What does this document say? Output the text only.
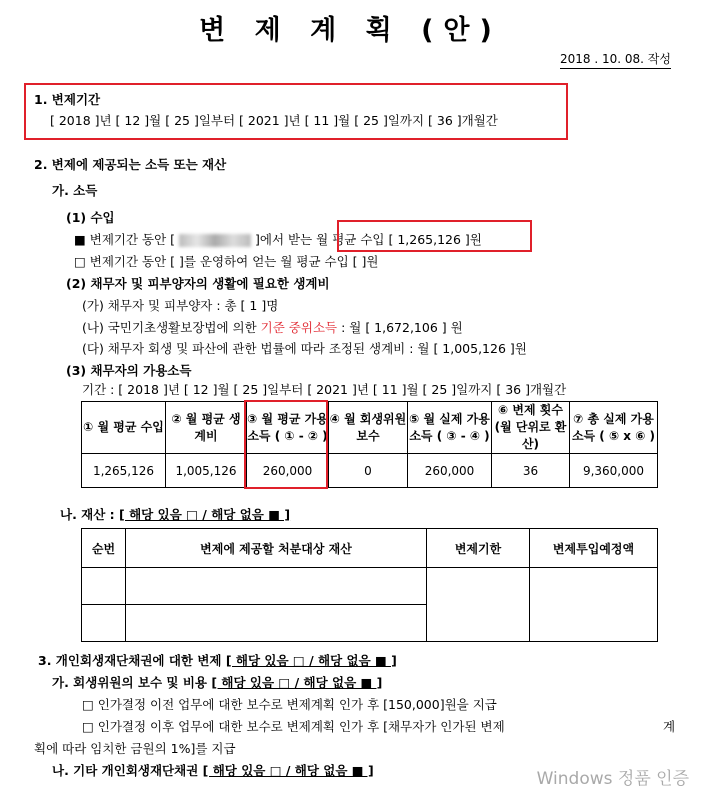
변 제 계 획 (안)
2018 . 10. 08. 작성
1. 변제기간
[ 2018 ]년 [ 12 ]월 [ 25 ]일부터 [ 2021 ]년 [ 11 ]월 [ 25 ]일까지 [ 36 ]개월간
2. 변제에 제공되는 소득 또는 재산
가. 소득
(1) 수입
■ 변제기간 동안 [	]에서 받는 월 평균 수입 [ 1,265,126 ]원
□ 변제기간 동안 [ ]를 운영하여 얻는 월 평균 수입 [ ]원
(2) 채무자 및 피부양자의 생활에 필요한 생계비
(가) 채무자 및 피부양자 : 총 [ 1 ]명
(나) 국민기초생활보장법에 의한 기준 중위소득 : 월 [ 1,672,106 ] 원
(다) 채무자 회생 및 파산에 관한 법률에 따라 조정된 생계비 : 월 [ 1,005,126 ]원
(3) 채무자의 가용소득
기간 : [ 2018 ]년 [ 12 ]월 [ 25 ]일부터 [ 2021 ]년 [ 11 ]월 [ 25 ]일까지 [ 36 ]개월간
① 월 평균 수입	② 월 평균 생계비	③ 월 평균 가용소득 ( ① - ② )	④ 월 회생위원 보수	⑤ 월 실제 가용소득 ( ③ - ④ )	⑥ 변제 횟수 (월 단위로 환산)	⑦ 총 실제 가용소득 ( ⑤ x ⑥ )
1,265,126	1,005,126	260,000	0	260,000	36	9,360,000
나. 재산 : [ 해당 있음 □ / 해당 없음 ■ ]
순번	변제에 제공할 처분대상 재산	변제기한	변제투입예정액

3. 개인회생재단채권에 대한 변제 [ 해당 있음 □ / 해당 없음 ■ ]
가. 회생위원의 보수 및 비용 [ 해당 있음 □ / 해당 없음 ■ ]
□ 인가결정 이전 업무에 대한 보수로 변제계획 인가 후 [150,000]원을 지급
□ 인가결정 이후 업무에 대한 보수로 변제계획 인가 후 [채무자가 인가된 변제	계
획에 따라 임치한 금원의 1%]를 지급
나. 기타 개인회생재단채권 [ 해당 있음 □ / 해당 없음 ■ ]	Windows 정품 인증
